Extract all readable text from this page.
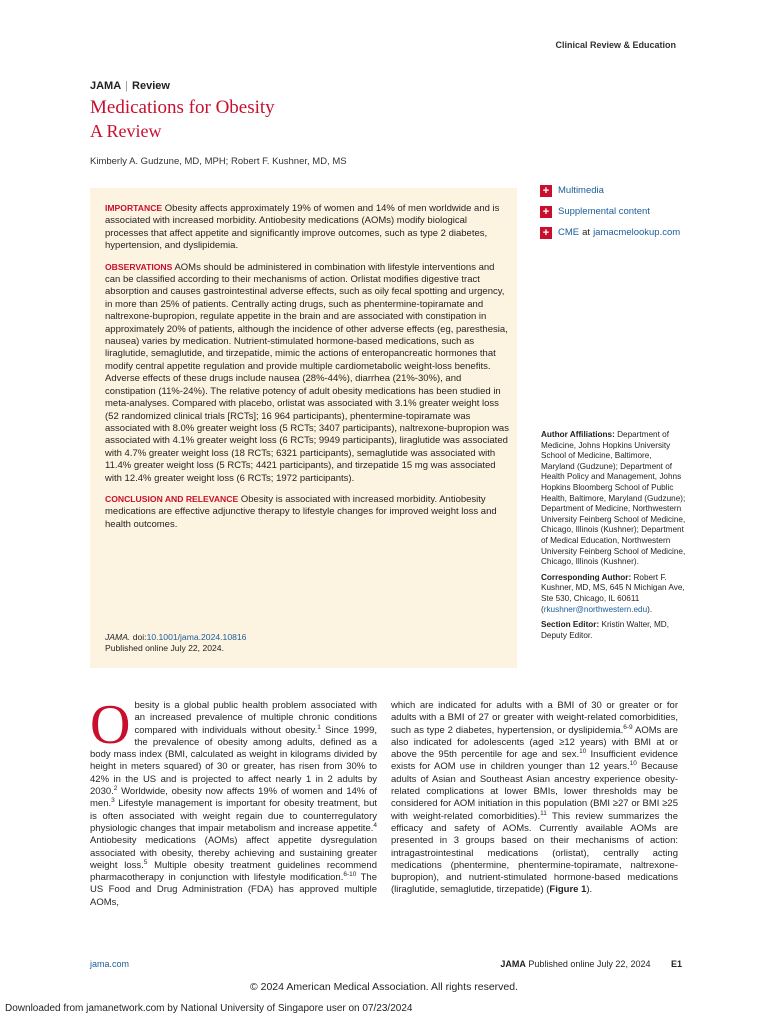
Clinical Review & Education
JAMA | Review
Medications for Obesity
A Review
Kimberly A. Gudzune, MD, MPH; Robert F. Kushner, MD, MS

IMPORTANCE Obesity affects approximately 19% of women and 14% of men worldwide and is associated with increased morbidity. Antiobesity medications (AOMs) modify biological processes that affect appetite and significantly improve outcomes, such as type 2 diabetes, hypertension, and dyslipidemia.

OBSERVATIONS AOMs should be administered in combination with lifestyle interventions and can be classified according to their mechanisms of action. Orlistat modifies digestive tract absorption and causes gastrointestinal adverse effects, such as oily fecal spotting and urgency, in more than 25% of patients. Centrally acting drugs, such as phentermine-topiramate and naltrexone-bupropion, regulate appetite in the brain and are associated with constipation in approximately 20% of patients, although the incidence of other adverse effects (eg, paresthesia, nausea) varies by medication. Nutrient-stimulated hormone-based medications, such as liraglutide, semaglutide, and tirzepatide, mimic the actions of enteropancreatic hormones that modify central appetite regulation and provide multiple cardiometabolic weight-loss benefits. Adverse effects of these drugs include nausea (28%-44%), diarrhea (21%-30%), and constipation (11%-24%). The relative potency of adult obesity medications has been studied in meta-analyses. Compared with placebo, orlistat was associated with 3.1% greater weight loss (52 randomized clinical trials [RCTs]; 16 964 participants), phentermine-topiramate was associated with 8.0% greater weight loss (5 RCTs; 3407 participants), naltrexone-bupropion was associated with 4.1% greater weight loss (6 RCTs; 9949 participants), liraglutide was associated with 4.7% greater weight loss (18 RCTs; 6321 participants), semaglutide was associated with 11.4% greater weight loss (5 RCTs; 4421 participants), and tirzepatide 15 mg was associated with 12.4% greater weight loss (6 RCTs; 1972 participants).

CONCLUSION AND RELEVANCE Obesity is associated with increased morbidity. Antiobesity medications are effective adjunctive therapy to lifestyle changes for improved weight loss and health outcomes.

JAMA. doi:10.1001/jama.2024.10816
Published online July 22, 2024.
+ Multimedia
+ Supplemental content
+ CME at jamacmelookup.com

Author Affiliations: Department of Medicine, Johns Hopkins University School of Medicine, Baltimore, Maryland (Gudzune); Department of Health Policy and Management, Johns Hopkins Bloomberg School of Public Health, Baltimore, Maryland (Gudzune); Department of Medicine, Northwestern University Feinberg School of Medicine, Chicago, Illinois (Kushner); Department of Medical Education, Northwestern University Feinberg School of Medicine, Chicago, Illinois (Kushner).

Corresponding Author: Robert F. Kushner, MD, MS, 645 N Michigan Ave, Ste 530, Chicago, IL 60611 (rkushner@northwestern.edu).

Section Editor: Kristin Walter, MD, Deputy Editor.

Obesity is a global public health problem associated with an increased prevalence of multiple chronic conditions compared with individuals without obesity.$^1$ Since 1999, the prevalence of obesity among adults, defined as a body mass index (BMI, calculated as weight in kilograms divided by height in meters squared) of 30 or greater, has risen from 30% to 42% in the US and is projected to affect nearly 1 in 2 adults by 2030.$^2$ Worldwide, obesity now affects 19% of women and 14% of men.$^3$ Lifestyle management is important for obesity treatment, but is often associated with weight regain due to counterregulatory physiologic changes that impair metabolism and increase appetite.$^4$ Antiobesity medications (AOMs) affect appetite dysregulation associated with obesity, thereby achieving and sustaining greater weight loss.$^5$ Multiple obesity treatment guidelines recommend pharmacotherapy in conjunction with lifestyle modification.$^{6-10}$ The US Food and Drug Administration (FDA) has approved multiple AOMs,
which are indicated for adults with a BMI of 30 or greater or for adults with a BMI of 27 or greater with weight-related comorbidities, such as type 2 diabetes, hypertension, or dyslipidemia.$^{6-9}$ AOMs are also indicated for adolescents (aged ≥12 years) with BMI at or above the 95th percentile for age and sex.$^{10}$ Insufficient evidence exists for AOM use in children younger than 12 years.$^{10}$ Because adults of Asian and Southeast Asian ancestry experience obesity-related complications at lower BMIs, lower thresholds may be considered for AOM initiation in this population (BMI ≥27 or BMI ≥25 with weight-related comorbidities).$^{11}$ This review summarizes the efficacy and safety of AOMs. Currently available AOMs are presented in 3 groups based on their mechanisms of action: intragastrointestinal medications (orlistat), centrally acting medications (phentermine, phentermine-topiramate, naltrexone-bupropion), and nutrient-stimulated hormone-based medications (liraglutide, semaglutide, tirzepatide) (Figure 1).
jama.com	JAMA Published online July 22, 2024 E1
© 2024 American Medical Association. All rights reserved.
Downloaded from jamanetwork.com by National University of Singapore user on 07/23/2024
